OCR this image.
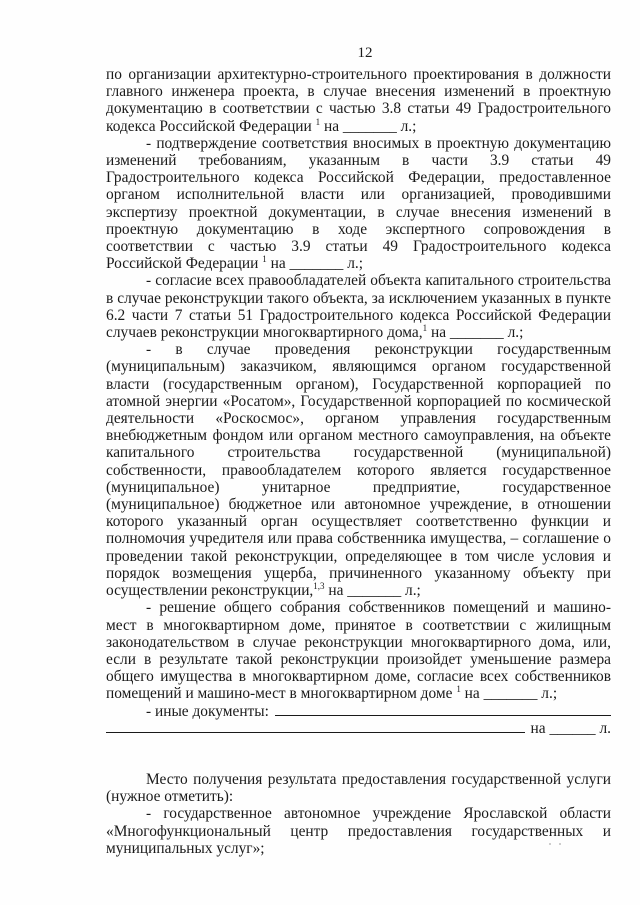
12

по организации архитектурно-строительного проектирования в должности главного инженера проекта, в случае внесения изменений в проектную документацию в соответствии с частью 3.8 статьи 49 Градостроительного кодекса Российской Федерации $^1$ на _______ л.;

- подтверждение соответствия вносимых в проектную документацию изменений требованиям, указанным в части 3.9 статьи 49 Градостроительного кодекса Российской Федерации, предоставленное органом исполнительной власти или организацией, проводившими экспертизу проектной документации, в случае внесения изменений в проектную документацию в ходе экспертного сопровождения в соответствии с частью 3.9 статьи 49 Градостроительного кодекса Российской Федерации $^1$ на _______ л.;

- согласие всех правообладателей объекта капитального строительства в случае реконструкции такого объекта, за исключением указанных в пункте 6.2 части 7 статьи 51 Градостроительного кодекса Российской Федерации случаев реконструкции многоквартирного дома,$^1$ на _______ л.;

- в случае проведения реконструкции государственным (муниципальным) заказчиком, являющимся органом государственной власти (государственным органом), Государственной корпорацией по атомной энергии «Росатом», Государственной корпорацией по космической деятельности «Роскосмос», органом управления государственным внебюджетным фондом или органом местного самоуправления, на объекте капитального строительства государственной (муниципальной) собственности, правообладателем которого является государственное (муниципальное) унитарное предприятие, государственное (муниципальное) бюджетное или автономное учреждение, в отношении которого указанный орган осуществляет соответственно функции и полномочия учредителя или права собственника имущества, – соглашение о проведении такой реконструкции, определяющее в том числе условия и порядок возмещения ущерба, причиненного указанному объекту при осуществлении реконструкции,$^{1,3}$ на _______ л.;

- решение общего собрания собственников помещений и машино-мест в многоквартирном доме, принятое в соответствии с жилищным законодательством в случае реконструкции многоквартирного дома, или, если в результате такой реконструкции произойдет уменьшение размера общего имущества в многоквартирном доме, согласие всех собственников помещений и машино-мест в многоквартирном доме $^1$ на _______ л.;

- иные документы:
на ______ л.

Место получения результата предоставления государственной услуги (нужное отметить):

- государственное автономное учреждение Ярославской области «Многофункциональный центр предоставления государственных и муниципальных услуг»;
